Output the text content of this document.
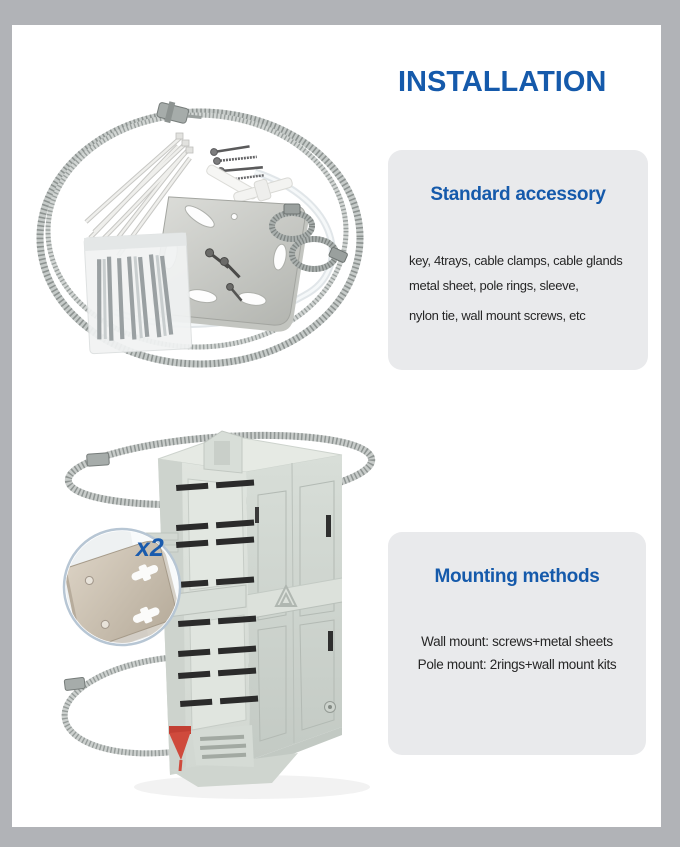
INSTALLATION
x2
Standard accessory

key, 4trays, cable clamps, cable glands

metal sheet, pole rings, sleeve,

nylon tie, wall mount screws, etc

Mounting methods

Wall mount: screws+metal sheets

Pole mount: 2rings+wall mount kits
